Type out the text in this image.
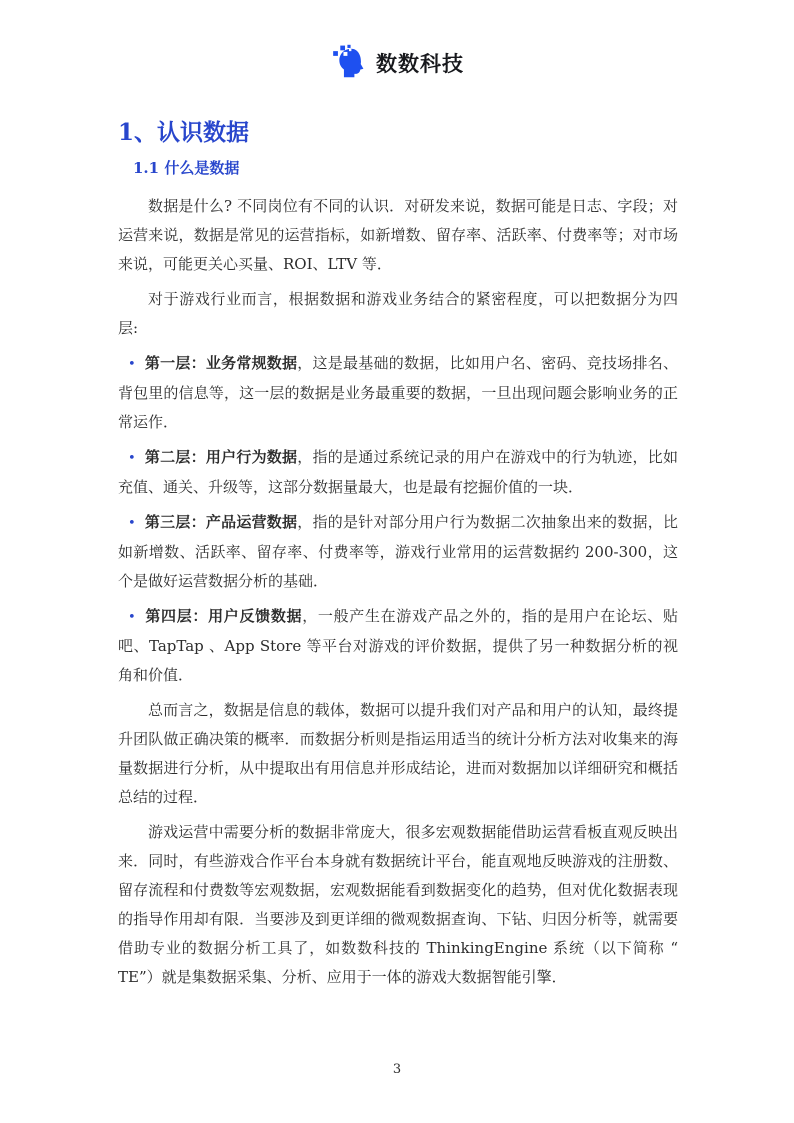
数数科技
1、认识数据
1.1 什么是数据

数据是什么? 不同岗位有不同的认识．对研发来说，数据可能是日志、字段；对运营来说，数据是常见的运营指标，如新增数、留存率、活跃率、付费率等；对市场来说，可能更关心买量、ROI、LTV 等．

对于游戏行业而言，根据数据和游戏业务结合的紧密程度，可以把数据分为四层:

• 第一层：业务常规数据，这是最基础的数据，比如用户名、密码、竞技场排名、背包里的信息等，这一层的数据是业务最重要的数据，一旦出现问题会影响业务的正常运作．

• 第二层：用户行为数据，指的是通过系统记录的用户在游戏中的行为轨迹，比如充值、通关、升级等，这部分数据量最大，也是最有挖掘价值的一块．

• 第三层：产品运营数据，指的是针对部分用户行为数据二次抽象出来的数据，比如新增数、活跃率、留存率、付费率等，游戏行业常用的运营数据约 200-300，这个是做好运营数据分析的基础．

• 第四层：用户反馈数据，一般产生在游戏产品之外的，指的是用户在论坛、贴吧、TapTap 、App Store 等平台对游戏的评价数据，提供了另一种数据分析的视角和价值．

总而言之，数据是信息的载体，数据可以提升我们对产品和用户的认知，最终提升团队做正确决策的概率．而数据分析则是指运用适当的统计分析方法对收集来的海量数据进行分析，从中提取出有用信息并形成结论，进而对数据加以详细研究和概括总结的过程．

游戏运营中需要分析的数据非常庞大，很多宏观数据能借助运营看板直观反映出来．同时，有些游戏合作平台本身就有数据统计平台，能直观地反映游戏的注册数、留存流程和付费数等宏观数据，宏观数据能看到数据变化的趋势，但对优化数据表现的指导作用却有限．当要涉及到更详细的微观数据查询、下钻、归因分析等，就需要借助专业的数据分析工具了，如数数科技的 ThinkingEngine 系统（以下简称 “ TE”）就是集数据采集、分析、应用于一体的游戏大数据智能引擎．

3
